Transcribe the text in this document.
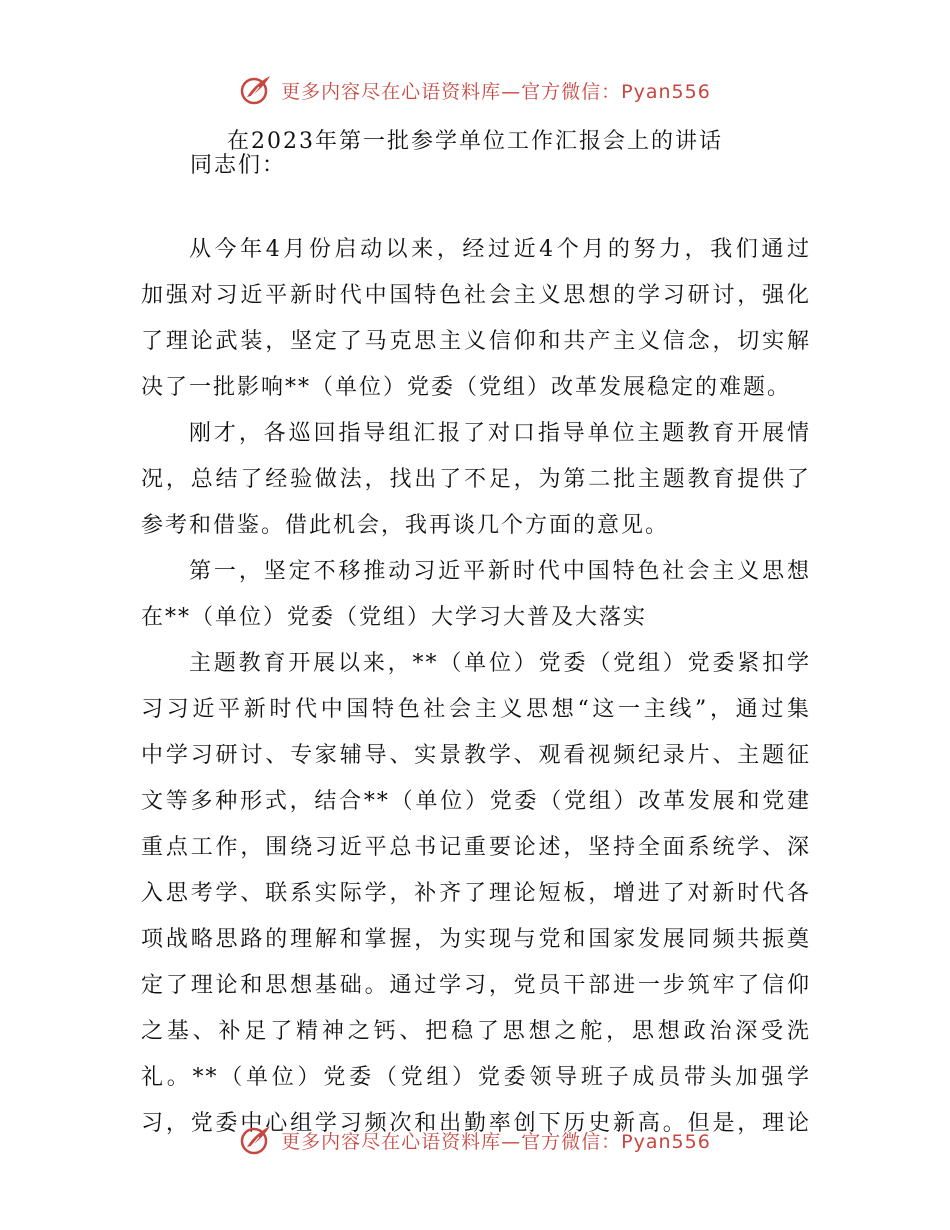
更多内容尽在心语资料库—官方微信：Pyan556
在2023年第一批参学单位工作汇报会上的讲话
同志们：
从今年4月份启动以来，经过近4个月的努力，我们通过
加强对习近平新时代中国特色社会主义思想的学习研讨，强化
了理论武装，坚定了马克思主义信仰和共产主义信念，切实解
决了一批影响**（单位）党委（党组）改革发展稳定的难题。
刚才，各巡回指导组汇报了对口指导单位主题教育开展情
况，总结了经验做法，找出了不足，为第二批主题教育提供了
参考和借鉴。借此机会，我再谈几个方面的意见。
第一，坚定不移推动习近平新时代中国特色社会主义思想
在**（单位）党委（党组）大学习大普及大落实
主题教育开展以来，**（单位）党委（党组）党委紧扣学
习习近平新时代中国特色社会主义思想“这一主线”，通过集
中学习研讨、专家辅导、实景教学、观看视频纪录片、主题征
文等多种形式，结合**（单位）党委（党组）改革发展和党建
重点工作，围绕习近平总书记重要论述，坚持全面系统学、深
入思考学、联系实际学，补齐了理论短板，增进了对新时代各
项战略思路的理解和掌握，为实现与党和国家发展同频共振奠
定了理论和思想基础。通过学习，党员干部进一步筑牢了信仰
之基、补足了精神之钙、把稳了思想之舵，思想政治深受洗
礼。**（单位）党委（党组）党委领导班子成员带头加强学
习，党委中心组学习频次和出勤率创下历史新高。但是，理论
更多内容尽在心语资料库—官方微信：Pyan556
